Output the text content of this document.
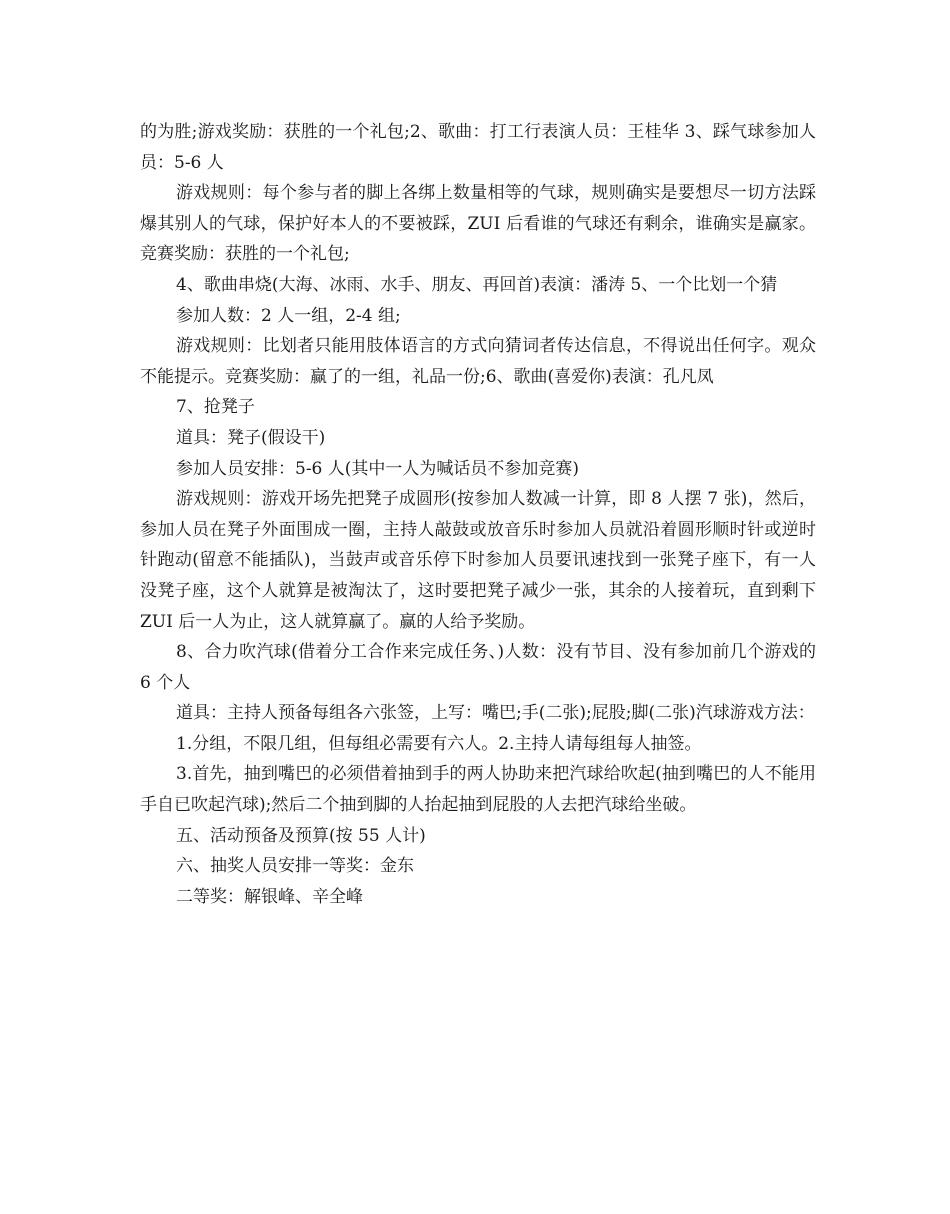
的为胜;游戏奖励：获胜的一个礼包;2、歌曲：打工行表演人员：王桂华 3、踩气球参加人员：5-6 人

游戏规则：每个参与者的脚上各绑上数量相等的气球，规则确实是要想尽一切方法踩爆其别人的气球，保护好本人的不要被踩，ZUI 后看谁的气球还有剩余，谁确实是赢家。竞赛奖励：获胜的一个礼包;

4、歌曲串烧(大海、冰雨、水手、朋友、再回首)表演：潘涛 5、一个比划一个猜

参加人数：2 人一组，2-4 组;

游戏规则：比划者只能用肢体语言的方式向猜词者传达信息，不得说出任何字。观众不能提示。竞赛奖励：赢了的一组，礼品一份;6、歌曲(喜爱你)表演：孔凡凤

7、抢凳子

道具：凳子(假设干)

参加人员安排：5-6 人(其中一人为喊话员不参加竞赛)

游戏规则：游戏开场先把凳子成圆形(按参加人数减一计算，即 8 人摆 7 张)，然后，参加人员在凳子外面围成一圈，主持人敲鼓或放音乐时参加人员就沿着圆形顺时针或逆时针跑动(留意不能插队)，当鼓声或音乐停下时参加人员要讯速找到一张凳子座下，有一人没凳子座，这个人就算是被淘汰了，这时要把凳子减少一张，其余的人接着玩，直到剩下 ZUI 后一人为止，这人就算赢了。赢的人给予奖励。

8、合力吹汽球(借着分工合作来完成任务、)人数：没有节目、没有参加前几个游戏的 6 个人

道具：主持人预备每组各六张签，上写：嘴巴;手(二张);屁股;脚(二张)汽球游戏方法：

1.分组，不限几组，但每组必需要有六人。2.主持人请每组每人抽签。

3.首先，抽到嘴巴的必须借着抽到手的两人协助来把汽球给吹起(抽到嘴巴的人不能用手自已吹起汽球);然后二个抽到脚的人抬起抽到屁股的人去把汽球给坐破。

五、活动预备及预算(按 55 人计)

六、抽奖人员安排一等奖：金东

二等奖：解银峰、辛全峰
